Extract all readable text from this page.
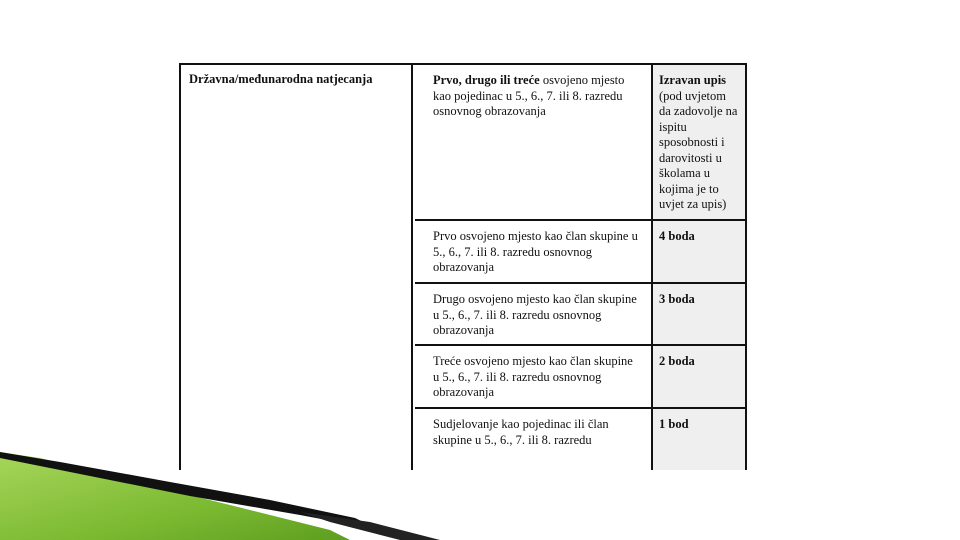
Državna/međunarodna natjecanja	Prvo, drugo ili treće osvojeno mjesto kao pojedinac u 5., 6., 7. ili 8. razredu osnovnog obrazovanja
Izravan upis (pod uvjetom da zadovolje na ispitu sposobnosti i darovitosti u školama u kojima je to uvjet za upis)
Prvo osvojeno mjesto kao član skupine u 5., 6., 7. ili 8. razredu osnovnog obrazovanja
4 boda
Drugo osvojeno mjesto kao član skupine u 5., 6., 7. ili 8. razredu osnovnog obrazovanja
3 boda
Treće osvojeno mjesto kao član skupine u 5., 6., 7. ili 8. razredu osnovnog obrazovanja
2 boda
Sudjelovanje kao pojedinac ili član skupine u 5., 6., 7. ili 8. razredu
1 bod
